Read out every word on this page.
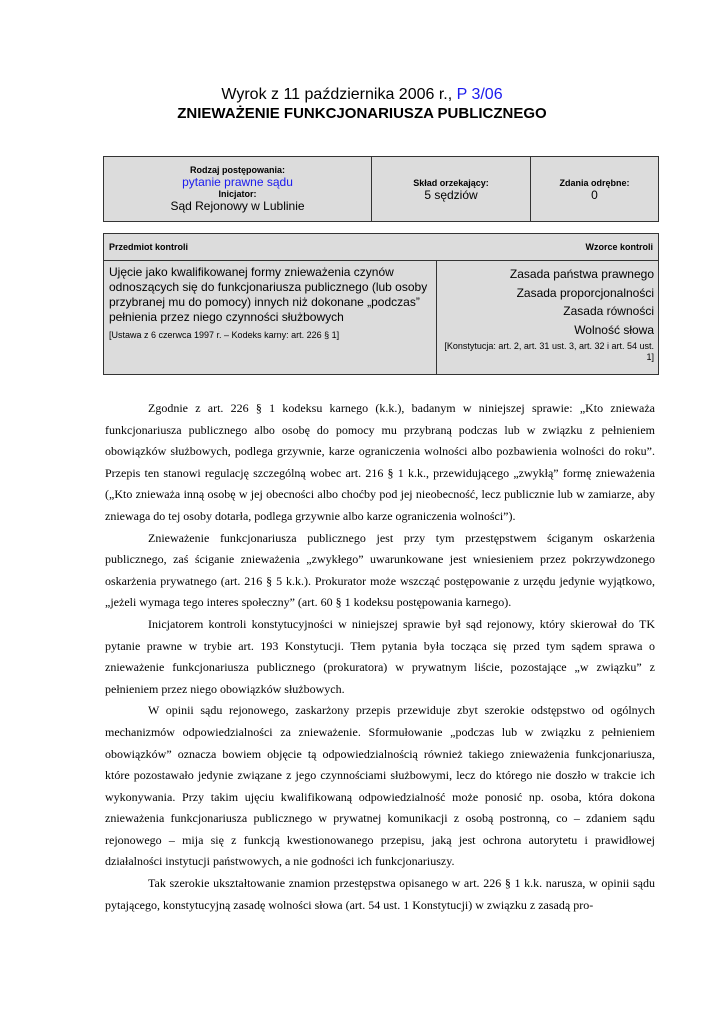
Wyrok z 11 października 2006 r., P 3/06
ZNIEWAŻENIE FUNKCJONARIUSZA PUBLICZNEGO
Rodzaj postępowania:
pytanie prawne sądu
Inicjator:
Sąd Rejonowy w Lublinie
Skład orzekający:
5 sędziów
Zdania odrębne:
0
Przedmiot kontroli	Wzorce kontroli
Ujęcie jako kwalifikowanej formy znieważenia czynów odnoszących się do funkcjonariusza publicznego (lub osoby przybranej mu do pomocy) innych niż dokonane „podczas” pełnienia przez niego czynności służbowych
[Ustawa z 6 czerwca 1997 r. – Kodeks karny: art. 226 § 1]
Zasada państwa prawnego
Zasada proporcjonalności
Zasada równości
Wolność słowa
[Konstytucja: art. 2, art. 31 ust. 3, art. 32 i art. 54 ust. 1]

Zgodnie z art. 226 § 1 kodeksu karnego (k.k.), badanym w niniejszej sprawie: „Kto znieważa funkcjonariusza publicznego albo osobę do pomocy mu przybraną podczas lub w związku z pełnieniem obowiązków służbowych, podlega grzywnie, karze ograniczenia wolności albo pozbawienia wolności do roku”. Przepis ten stanowi regulację szczególną wobec art. 216 § 1 k.k., przewidującego „zwykłą” formę znieważenia („Kto znieważa inną osobę w jej obecności albo choćby pod jej nieobecność, lecz publicznie lub w zamiarze, aby zniewaga do tej osoby dotarła, podlega grzywnie albo karze ograniczenia wolności”).

Znieważenie funkcjonariusza publicznego jest przy tym przestępstwem ściganym oskarżenia publicznego, zaś ściganie znieważenia „zwykłego” uwarunkowane jest wniesieniem przez pokrzywdzonego oskarżenia prywatnego (art. 216 § 5 k.k.). Prokurator może wszcząć postępowanie z urzędu jedynie wyjątkowo, „jeżeli wymaga tego interes społeczny” (art. 60 § 1 kodeksu postępowania karnego).

Inicjatorem kontroli konstytucyjności w niniejszej sprawie był sąd rejonowy, który skierował do TK pytanie prawne w trybie art. 193 Konstytucji. Tłem pytania była tocząca się przed tym sądem sprawa o znieważenie funkcjonariusza publicznego (prokuratora) w prywatnym liście, pozostające „w związku” z pełnieniem przez niego obowiązków służbowych.

W opinii sądu rejonowego, zaskarżony przepis przewiduje zbyt szerokie odstępstwo od ogólnych mechanizmów odpowiedzialności za znieważenie. Sformułowanie „podczas lub w związku z pełnieniem obowiązków” oznacza bowiem objęcie tą odpowiedzialnością również takiego znieważenia funkcjonariusza, które pozostawało jedynie związane z jego czynnościami służbowymi, lecz do którego nie doszło w trakcie ich wykonywania. Przy takim ujęciu kwalifikowaną odpowiedzialność może ponosić np. osoba, która dokona znieważenia funkcjonariusza publicznego w prywatnej komunikacji z osobą postronną, co – zdaniem sądu rejonowego – mija się z funkcją kwestionowanego przepisu, jaką jest ochrona autorytetu i prawidłowej działalności instytucji państwowych, a nie godności ich funkcjonariuszy.

Tak szerokie ukształtowanie znamion przestępstwa opisanego w art. 226 § 1 k.k. narusza, w opinii sądu pytającego, konstytucyjną zasadę wolności słowa (art. 54 ust. 1 Konstytucji) w związku z zasadą pro-
